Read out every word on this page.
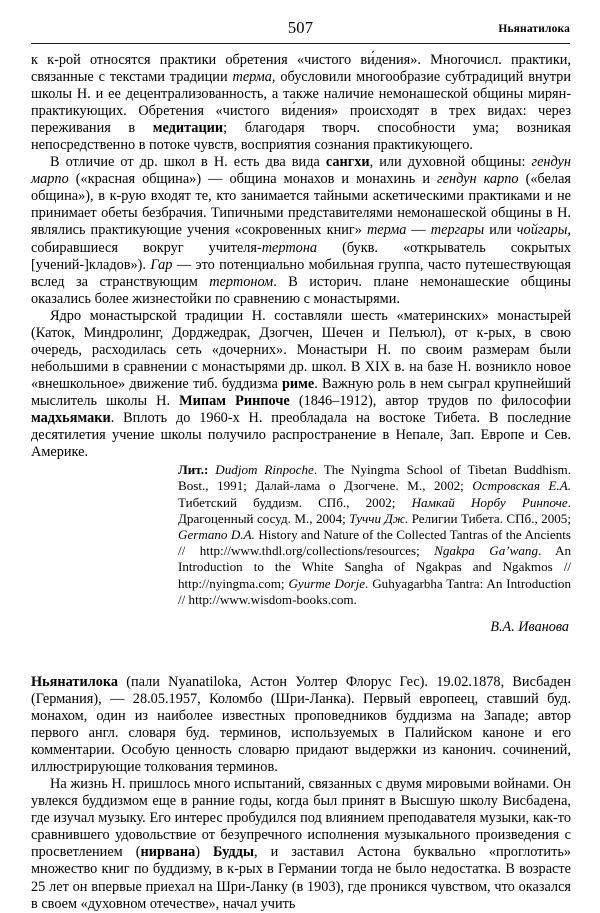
507	Ньянатилока

к к-рой относятся практики обретения «чистого ви́дения». Многочисл. практики, связанные с текстами традиции терма, обусловили многообразие субтрадиций внутри школы Н. и ее децентрализованность, а также наличие немонашеской общины мирян-практикующих. Обретения «чистого ви́дения» происходят в трех видах: через переживания в медитации; благодаря творч. способности ума; возникая непосредственно в потоке чувств, восприятия сознания практикующего.

В отличие от др. школ в Н. есть два вида сангхи, или духовной общины: гендун марпо («красная община») — община монахов и монахинь и гендун карпо («белая община»), в к-рую входят те, кто занимается тайными аскетическими практиками и не принимает обеты безбрачия. Типичными представителями немонашеской общины в Н. являлись практикующие учения «сокровенных книг» терма — тергары или чойгары, собиравшиеся вокруг учителя-тертона (букв. «открыватель сокрытых [учений-]кладов»). Гар — это потенциально мобильная группа, часто путешествующая вслед за странствующим тертоном. В историч. плане немонашеские общины оказались более жизнестойки по сравнению с монастырями.

Ядро монастырской традиции Н. составляли шесть «материнских» монастырей (Каток, Миндролинг, Дорджедрак, Дзогчен, Шечен и Пелъюл), от к-рых, в свою очередь, расходилась сеть «дочерних». Монастыри Н. по своим размерам были небольшими в сравнении с монастырями др. школ. В XIX в. на базе Н. возникло новое «внешкольное» движение тиб. буддизма риме. Важную роль в нем сыграл крупнейший мыслитель школы Н. Мипам Ринпоче (1846–1912), автор трудов по философии мадхьямаки. Вплоть до 1960-х Н. преобладала на востоке Тибета. В последние десятилетия учение школы получило распространение в Непале, Зап. Европе и Сев. Америке.

Лит.: Dudjom Rinpoche. The Nyingma School of Tibetan Buddhism. Bost., 1991; Далай-лама о Дзогчене. М., 2002; Островская Е.А. Тибетский буддизм. СПб., 2002; Намкай Норбу Ринпоче. Драгоценный сосуд. М., 2004; Туччи Дж. Религии Тибета. СПб., 2005; Germano D.A. History and Nature of the Collected Tantras of the Ancients // http://www.thdl.org/collections/resources; Ngakpa Ga’wang. An Introduction to the White Sangha of Ngakpas and Ngakmos // http://nyingma.com; Gyurme Dorje. Guhyagarbha Tantra: An Introduction // http://www.wisdom-books.com.

В.А. Иванова

Ньянатилока (пали Nyanatiloka, Астон Уолтер Флорус Гес). 19.02.1878, Висбаден (Германия), — 28.05.1957, Коломбо (Шри-Ланка). Первый европеец, ставший буд. монахом, один из наиболее известных проповедников буддизма на Западе; автор первого англ. словаря буд. терминов, используемых в Палийском каноне и его комментарии. Особую ценность словарю придают выдержки из канонич. сочинений, иллюстрирующие толкования терминов.

На жизнь Н. пришлось много испытаний, связанных с двумя мировыми войнами. Он увлекся буддизмом еще в ранние годы, когда был принят в Высшую школу Висбадена, где изучал музыку. Его интерес пробудился под влиянием преподавателя музыки, как-то сравнившего удовольствие от безупречного исполнения музыкального произведения с просветлением (нирвана) Будды, и заставил Астона буквально «проглотить» множество книг по буддизму, в к-рых в Германии тогда не было недостатка. В возрасте 25 лет он впервые приехал на Шри-Ланку (в 1903), где проникся чувством, что оказался в своем «духовном отечестве», начал учить
